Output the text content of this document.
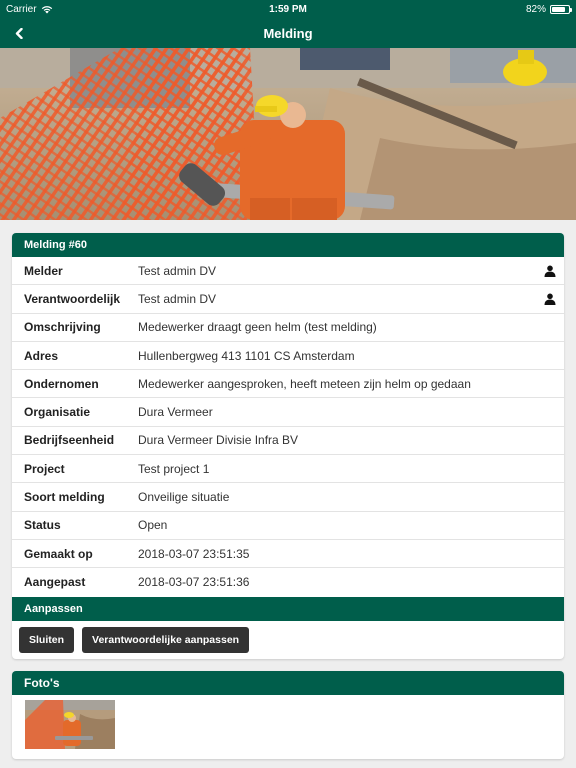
Carrier	1:59 PM	82%
Melding
Melding #60
Melder	Test admin DV
Verantwoordelijk	Test admin DV
Omschrijving	Medewerker draagt geen helm (test melding)
Adres	Hullenbergweg 413 1101 CS Amsterdam
Ondernomen	Medewerker aangesproken, heeft meteen zijn helm op gedaan
Organisatie	Dura Vermeer
Bedrijfseenheid	Dura Vermeer Divisie Infra BV
Project	Test project 1
Soort melding	Onveilige situatie
Status	Open
Gemaakt op	2018-03-07 23:51:35
Aangepast	2018-03-07 23:51:36
Aanpassen
Sluiten	Verantwoordelijke aanpassen
Foto's
